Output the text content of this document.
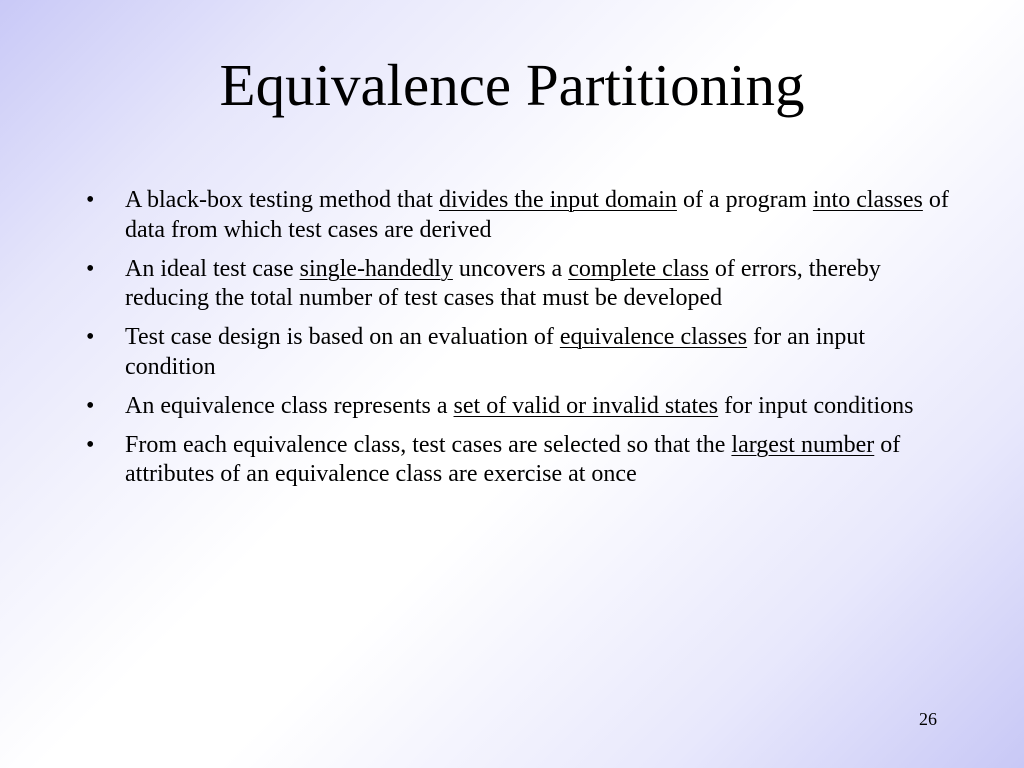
Equivalence Partitioning
• A black-box testing method that divides the input domain of a program into classes of data from which test cases are derived
• An ideal test case single-handedly uncovers a complete class of errors, thereby reducing the total number of test cases that must be developed
• Test case design is based on an evaluation of equivalence classes for an input condition
• An equivalence class represents a set of valid or invalid states for input conditions
• From each equivalence class, test cases are selected so that the largest number of attributes of an equivalence class are exercise at once
26
